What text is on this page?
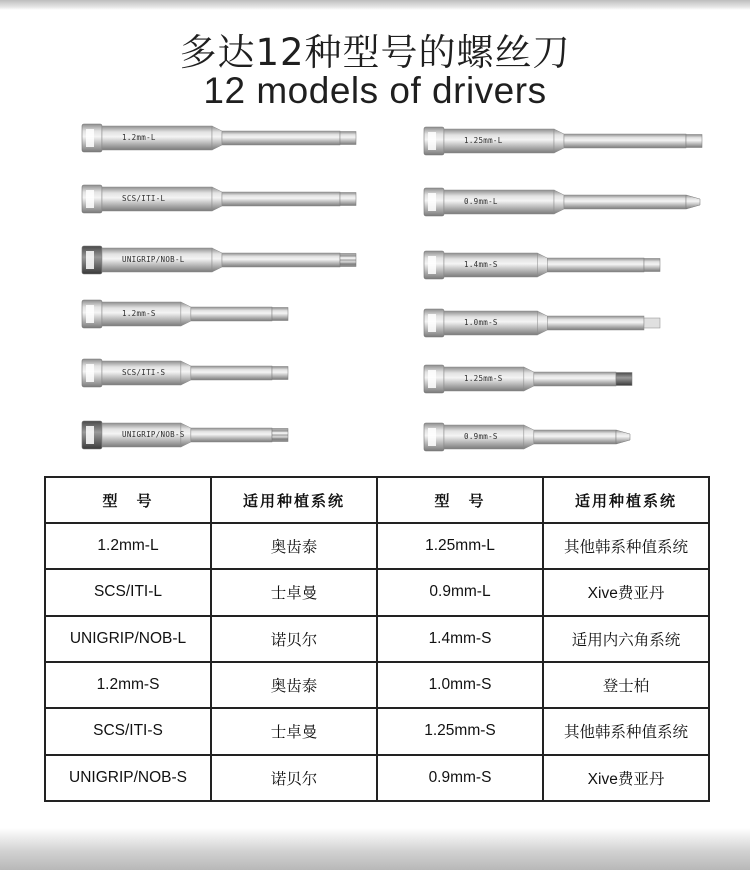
多达12种型号的螺丝刀
12 models of drivers
1.2mm-L
SCS/ITI-L
UNIGRIP/NOB-L
1.2mm-S
SCS/ITI-S
UNIGRIP/NOB-S
1.25mm-L
0.9mm-L
1.4mm-S
1.0mm-S
1.25mm-S
0.9mm-S
型　号	适用种植系统	型　号	适用种植系统
1.2mm-L	奥齿泰	1.25mm-L	其他韩系种值系统
SCS/ITI-L	士卓曼	0.9mm-L	Xive费亚丹
UNIGRIP/NOB-L	诺贝尔	1.4mm-S	适用内六角系统
1.2mm-S	奥齿泰	1.0mm-S	登士柏
SCS/ITI-S	士卓曼	1.25mm-S	其他韩系种值系统
UNIGRIP/NOB-S	诺贝尔	0.9mm-S	Xive费亚丹
